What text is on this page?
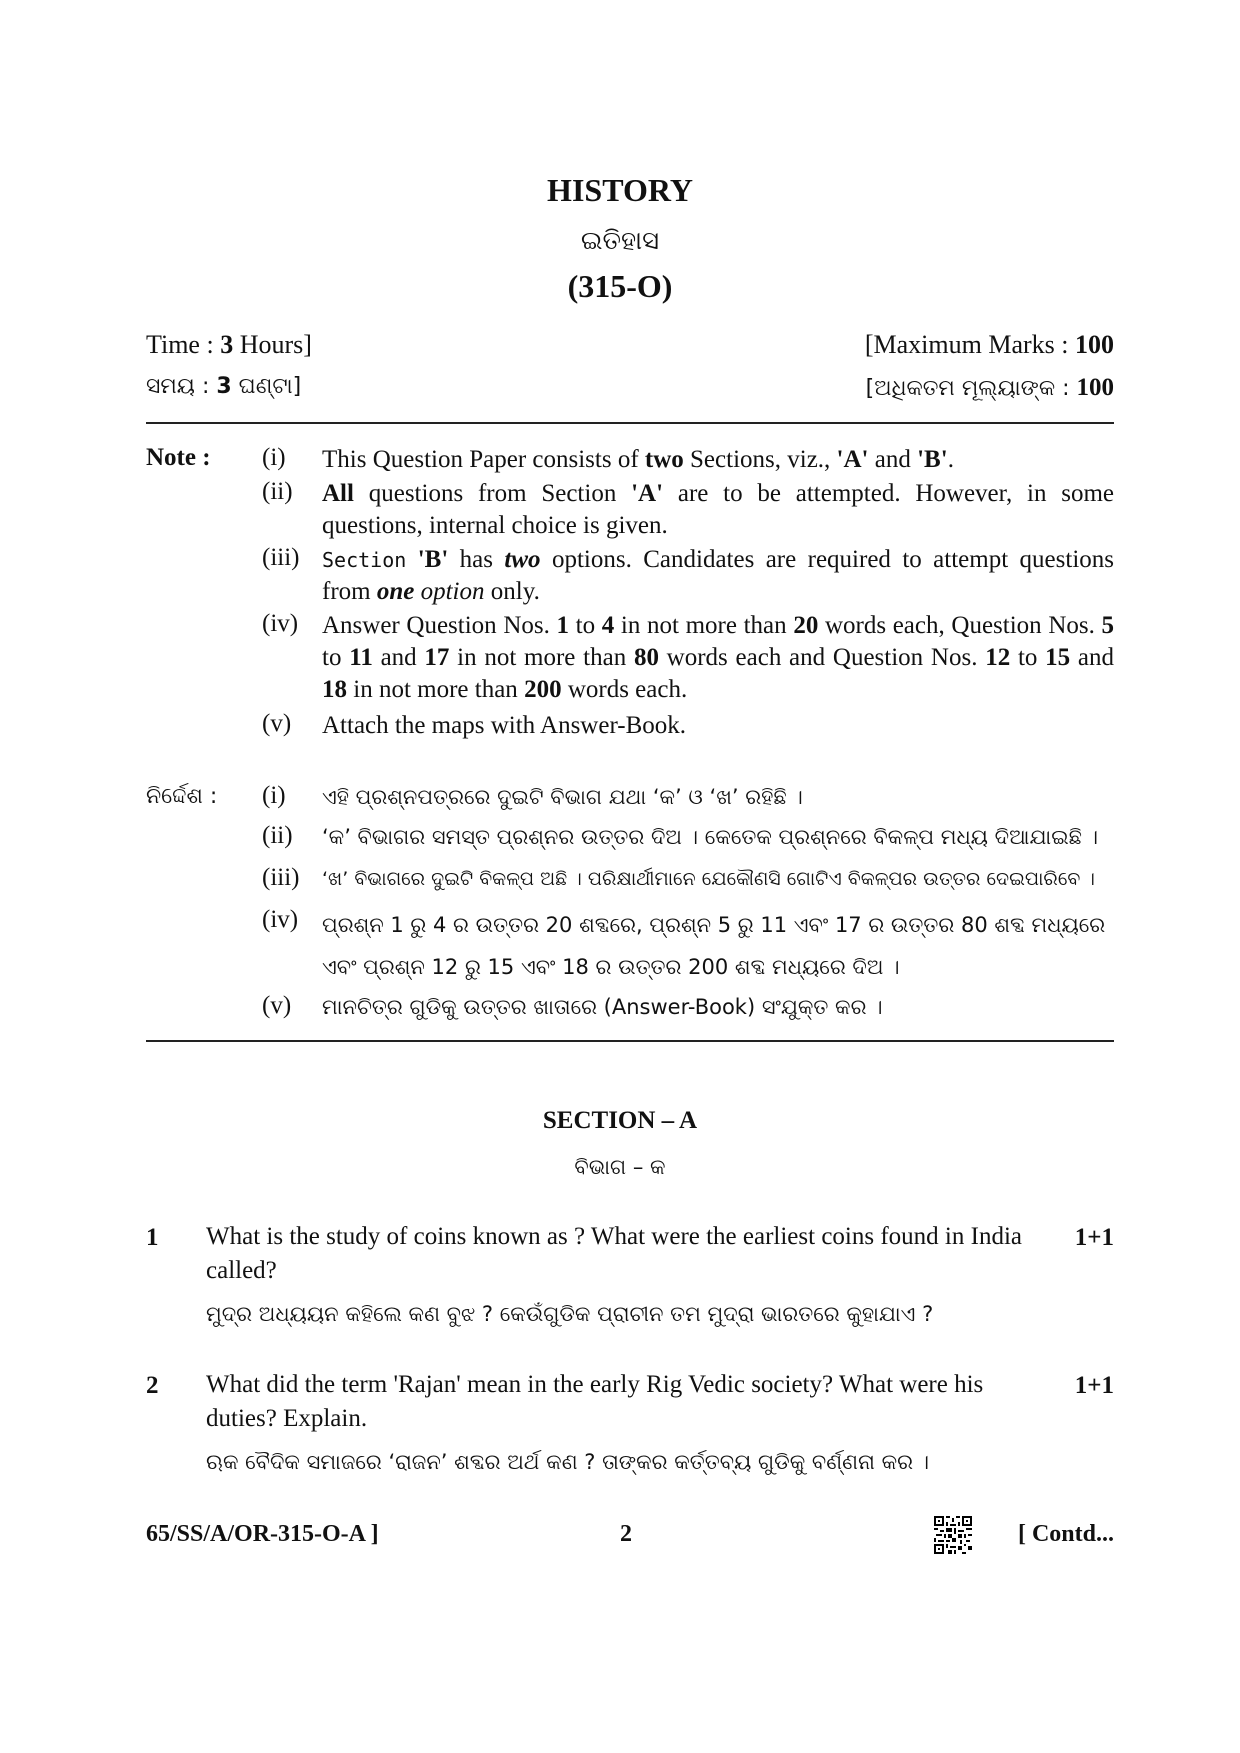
HISTORY
ଇତିହାସ
(315-O)
Time : 3 Hours]	[Maximum Marks : 100
ସମୟ : 3 ଘଣ୍ଟା]	[ଅଧିକତମ ମୂଲ୍ୟାଙ୍କ : 100
Note : (i) This Question Paper consists of two Sections, viz., 'A' and 'B'.
(ii) All questions from Section 'A' are to be attempted. However, in some questions, internal choice is given.
(iii) Section 'B' has two options. Candidates are required to attempt questions from one option only.
(iv) Answer Question Nos. 1 to 4 in not more than 20 words each, Question Nos. 5 to 11 and 17 in not more than 80 words each and Question Nos. 12 to 15 and 18 in not more than 200 words each.
(v) Attach the maps with Answer-Book.
ନିର୍ଦ୍ଦେଶ : (i) ଏହି ପ୍ରଶ୍ନପତ୍ରରେ ଦୁଇଟି ବିଭାଗ ଯଥା ‘କ’ ଓ ‘ଖ’ ରହିଛି ।
(ii) ‘କ’ ବିଭାଗର ସମସ୍ତ ପ୍ରଶ୍ନର ଉତ୍ତର ଦିଅ । କେତେକ ପ୍ରଶ୍ନରେ ବିକଳ୍ପ ମଧ୍ୟ ଦିଆଯାଇଛି ।
(iii) ‘ଖ’ ବିଭାଗରେ ଦୁଇଟି ବିକଳ୍ପ ଅଛି । ପରିକ୍ଷାର୍ଥୀମାନେ ଯେକୌଣସି ଗୋଟିଏ ବିକଳ୍ପର ଉତ୍ତର ଦେଇପାରିବେ ।
(iv) ପ୍ରଶ୍ନ 1 ରୁ 4 ର ଉତ୍ତର 20 ଶବ୍ଦରେ, ପ୍ରଶ୍ନ 5 ରୁ 11 ଏବଂ 17 ର ଉତ୍ତର 80 ଶବ୍ଦ ମଧ୍ୟରେ ଏବଂ ପ୍ରଶ୍ନ 12 ରୁ 15 ଏବଂ 18 ର ଉତ୍ତର 200 ଶବ୍ଦ ମଧ୍ୟରେ ଦିଅ ।
(v) ମାନଚିତ୍ର ଗୁଡିକୁ ଉତ୍ତର ଖାତାରେ (Answer-Book) ସଂଯୁକ୍ତ କର ।
SECTION – A
ବିଭାଗ – କ
1 What is the study of coins known as ? What were the earliest coins found in India called?
1+1
ମୁଦ୍ର ଅଧ୍ୟୟନ କହିଲେ କଣ ବୁଝ ? କେଉଁଗୁଡିକ ପ୍ରାଚୀନ ତମ ମୁଦ୍ରା ଭାରତରେ କୁହାଯାଏ ?
2 What did the term 'Rajan' mean in the early Rig Vedic society? What were his duties? Explain.
1+1
ଋକ ବୈଦିକ ସମାଜରେ ‘ରାଜନ’ ଶବ୍ଦର ଅର୍ଥ କଣ ? ତାଙ୍କର କର୍ତ୍ତବ୍ୟ ଗୁଡିକୁ ବର୍ଣ୍ଣନା କର ।
65/SS/A/OR-315-O-A ]	2	[ Contd...
